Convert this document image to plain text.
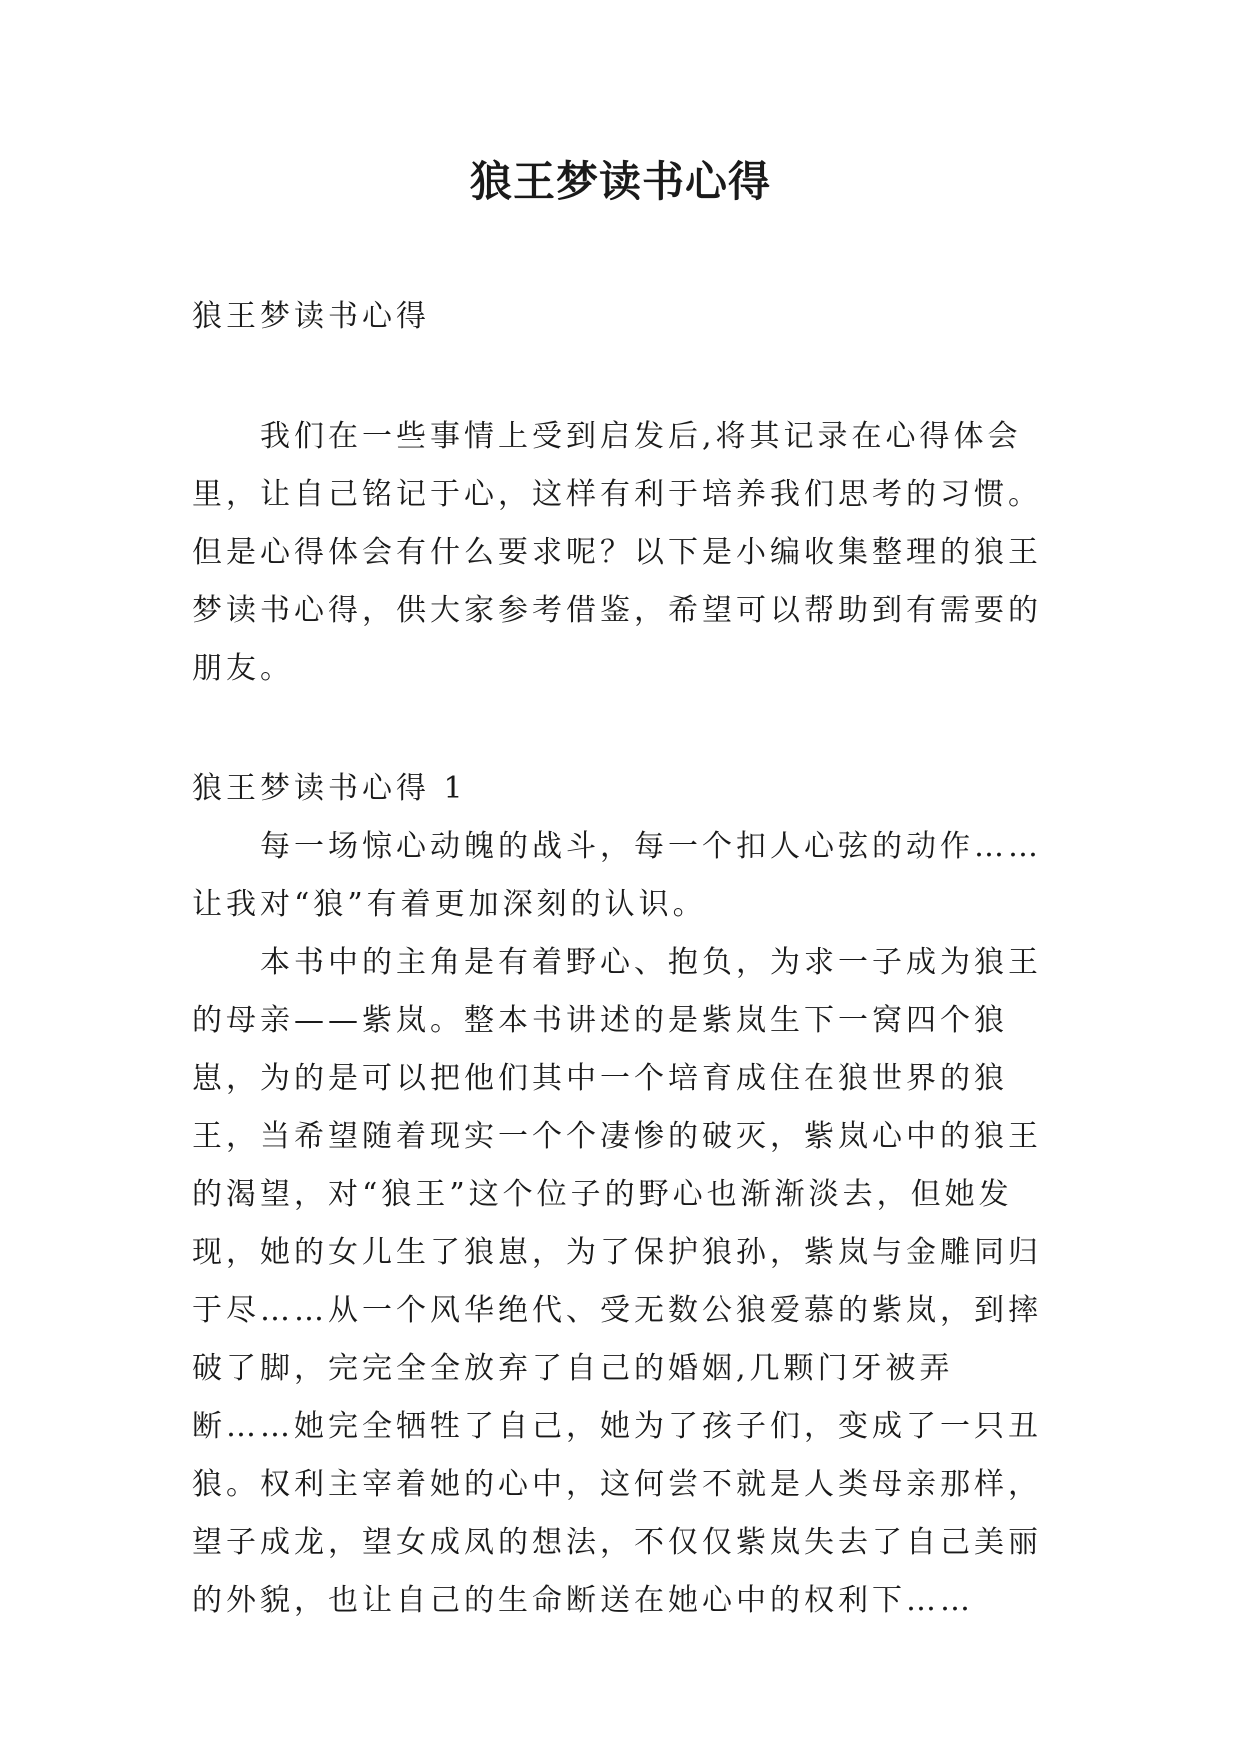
狼王梦读书心得

狼王梦读书心得

我们在一些事情上受到启发后,将其记录在心得体会里，让自己铭记于心，这样有利于培养我们思考的习惯。但是心得体会有什么要求呢？以下是小编收集整理的狼王梦读书心得，供大家参考借鉴，希望可以帮助到有需要的朋友。

狼王梦读书心得 1

每一场惊心动魄的战斗，每一个扣人心弦的动作……让我对“狼”有着更加深刻的认识。

本书中的主角是有着野心、抱负，为求一子成为狼王的母亲——紫岚。整本书讲述的是紫岚生下一窝四个狼崽，为的是可以把他们其中一个培育成住在狼世界的狼王，当希望随着现实一个个凄惨的破灭，紫岚心中的狼王的渴望，对“狼王”这个位子的野心也渐渐淡去，但她发现，她的女儿生了狼崽，为了保护狼孙，紫岚与金雕同归于尽……从一个风华绝代、受无数公狼爱慕的紫岚，到摔破了脚，完完全全放弃了自己的婚姻,几颗门牙被弄断……她完全牺牲了自己，她为了孩子们，变成了一只丑狼。权利主宰着她的心中，这何尝不就是人类母亲那样，望子成龙，望女成凤的想法，不仅仅紫岚失去了自己美丽的外貌，也让自己的生命断送在她心中的权利下……
